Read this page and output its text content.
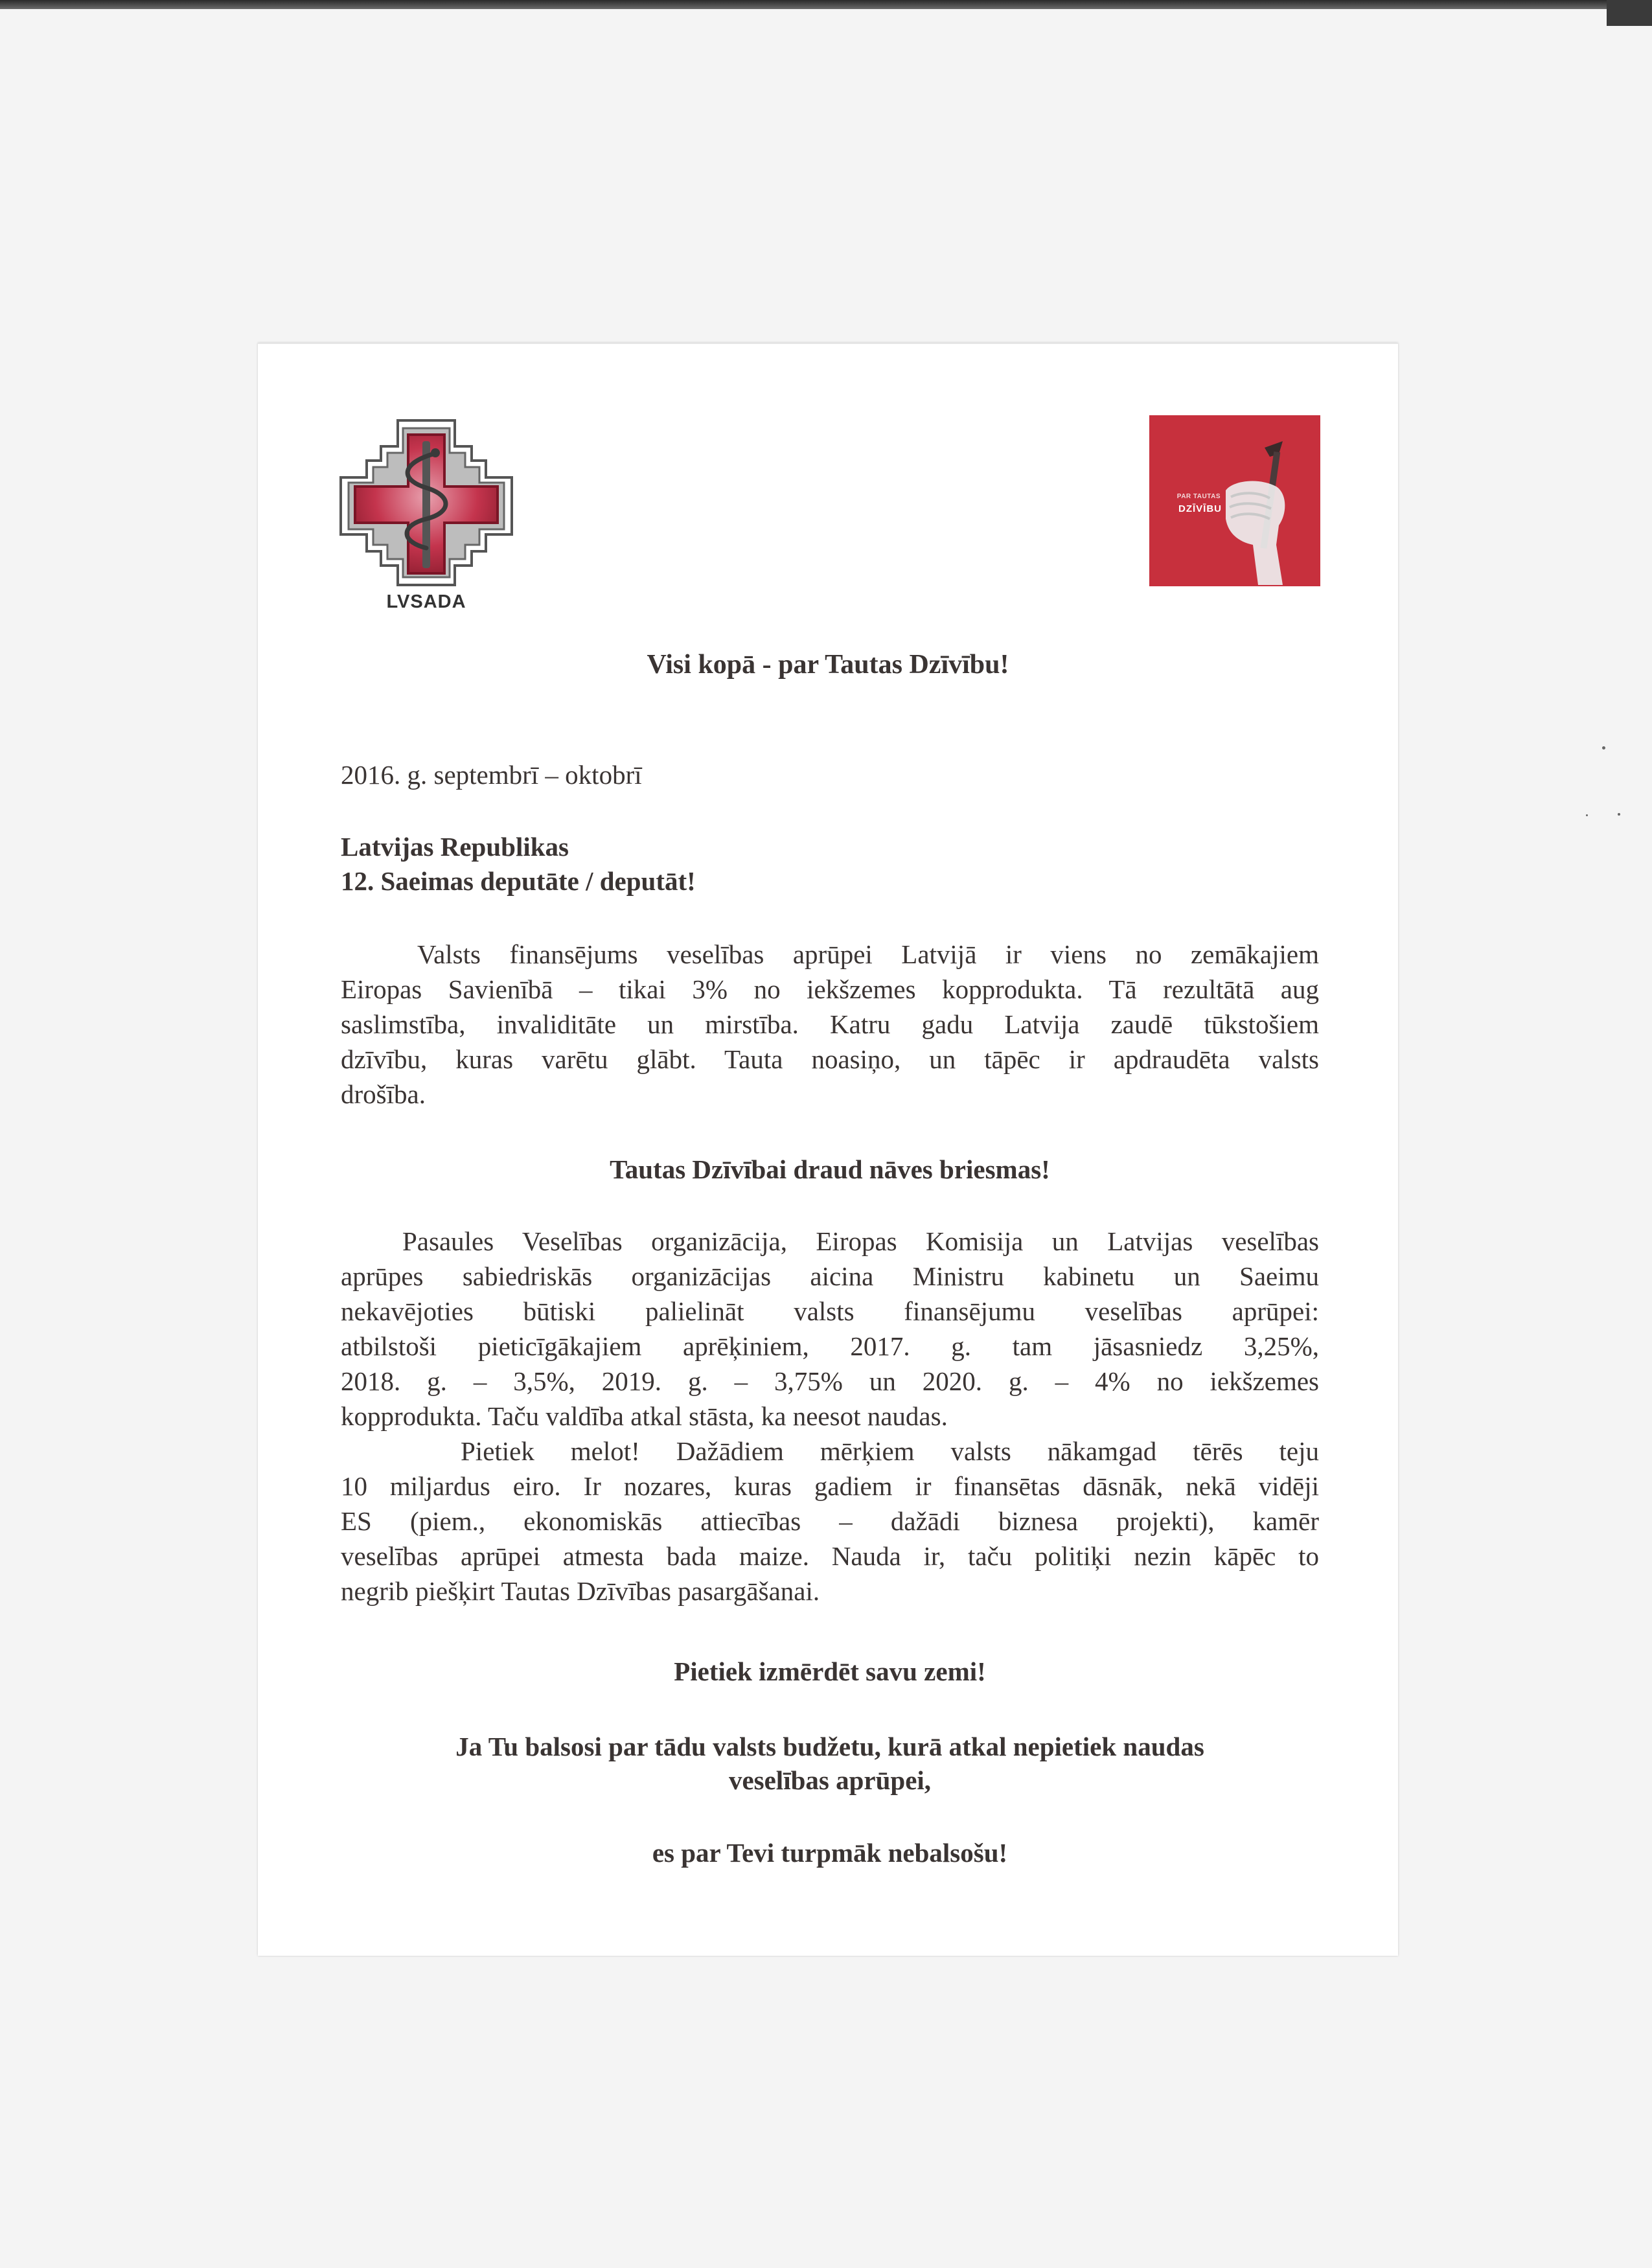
LVSADA
PAR TAUTAS
DZĪVĪBU
Visi kopā - par Tautas Dzīvību!
2016. g. septembrī – oktobrī
Latvijas Republikas
12. Saeimas deputāte / deputāt!
Valsts finansējums veselības aprūpei Latvijā ir viens no zemākajiem
Eiropas Savienībā – tikai 3% no iekšzemes kopprodukta. Tā rezultātā aug
saslimstība, invaliditāte un mirstība. Katru gadu Latvija zaudē tūkstošiem
dzīvību, kuras varētu glābt. Tauta noasiņo, un tāpēc ir apdraudēta valsts
drošība.
Tautas Dzīvībai draud nāves briesmas!
Pasaules Veselības organizācija, Eiropas Komisija un Latvijas veselības
aprūpes sabiedriskās organizācijas aicina Ministru kabinetu un Saeimu
nekavējoties būtiski palielināt valsts finansējumu veselības aprūpei:
atbilstoši pieticīgākajiem aprēķiniem, 2017. g. tam jāsasniedz 3,25%,
2018. g. – 3,5%, 2019. g. – 3,75% un 2020. g. – 4% no iekšzemes
kopprodukta. Taču valdība atkal stāsta, ka neesot naudas.
Pietiek melot! Dažādiem mērķiem valsts nākamgad tērēs teju
10 miljardus eiro. Ir nozares, kuras gadiem ir finansētas dāsnāk, nekā vidēji
ES (piem., ekonomiskās attiecības – dažādi biznesa projekti), kamēr
veselības aprūpei atmesta bada maize. Nauda ir, taču politiķi nezin kāpēc to
negrib piešķirt Tautas Dzīvības pasargāšanai.
Pietiek izmērdēt savu zemi!
Ja Tu balsosi par tādu valsts budžetu, kurā atkal nepietiek naudas
veselības aprūpei,
es par Tevi turpmāk nebalsošu!
